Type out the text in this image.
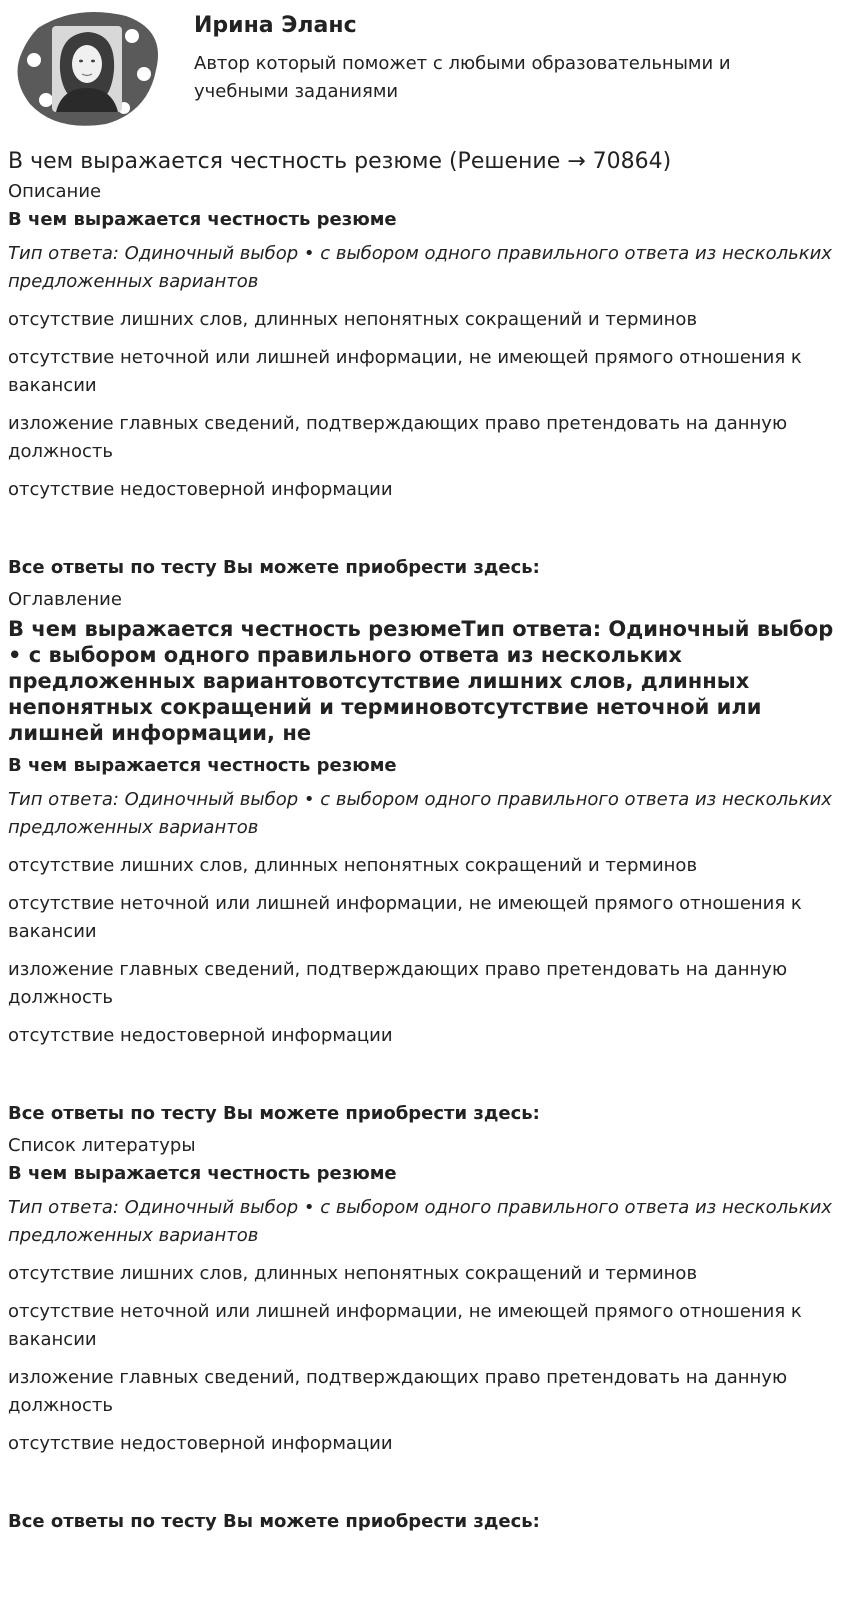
Ирина Эланс
Автор который поможет с любыми образовательными и учебными заданиями
В чем выражается честность резюме (Решение → 70864)
Описание
В чем выражается честность резюме
Тип ответа: Одиночный выбор • с выбором одного правильного ответа из нескольких предложенных вариантов
отсутствие лишних слов, длинных непонятных сокращений и терминов
отсутствие неточной или лишней информации, не имеющей прямого отношения к вакансии
изложение главных сведений, подтверждающих право претендовать на данную должность
отсутствие недостоверной информации
Все ответы по тесту Вы можете приобрести здесь:
Оглавление
В чем выражается честность резюмеТип ответа: Одиночный выбор • с выбором одного правильного ответа из нескольких предложенных вариантовотсутствие лишних слов, длинных непонятных сокращений и терминовотсутствие неточной или лишней информации, не
В чем выражается честность резюме
Тип ответа: Одиночный выбор • с выбором одного правильного ответа из нескольких предложенных вариантов
отсутствие лишних слов, длинных непонятных сокращений и терминов
отсутствие неточной или лишней информации, не имеющей прямого отношения к вакансии
изложение главных сведений, подтверждающих право претендовать на данную должность
отсутствие недостоверной информации
Все ответы по тесту Вы можете приобрести здесь:
Список литературы
В чем выражается честность резюме
Тип ответа: Одиночный выбор • с выбором одного правильного ответа из нескольких предложенных вариантов
отсутствие лишних слов, длинных непонятных сокращений и терминов
отсутствие неточной или лишней информации, не имеющей прямого отношения к вакансии
изложение главных сведений, подтверждающих право претендовать на данную должность
отсутствие недостоверной информации
Все ответы по тесту Вы можете приобрести здесь:
